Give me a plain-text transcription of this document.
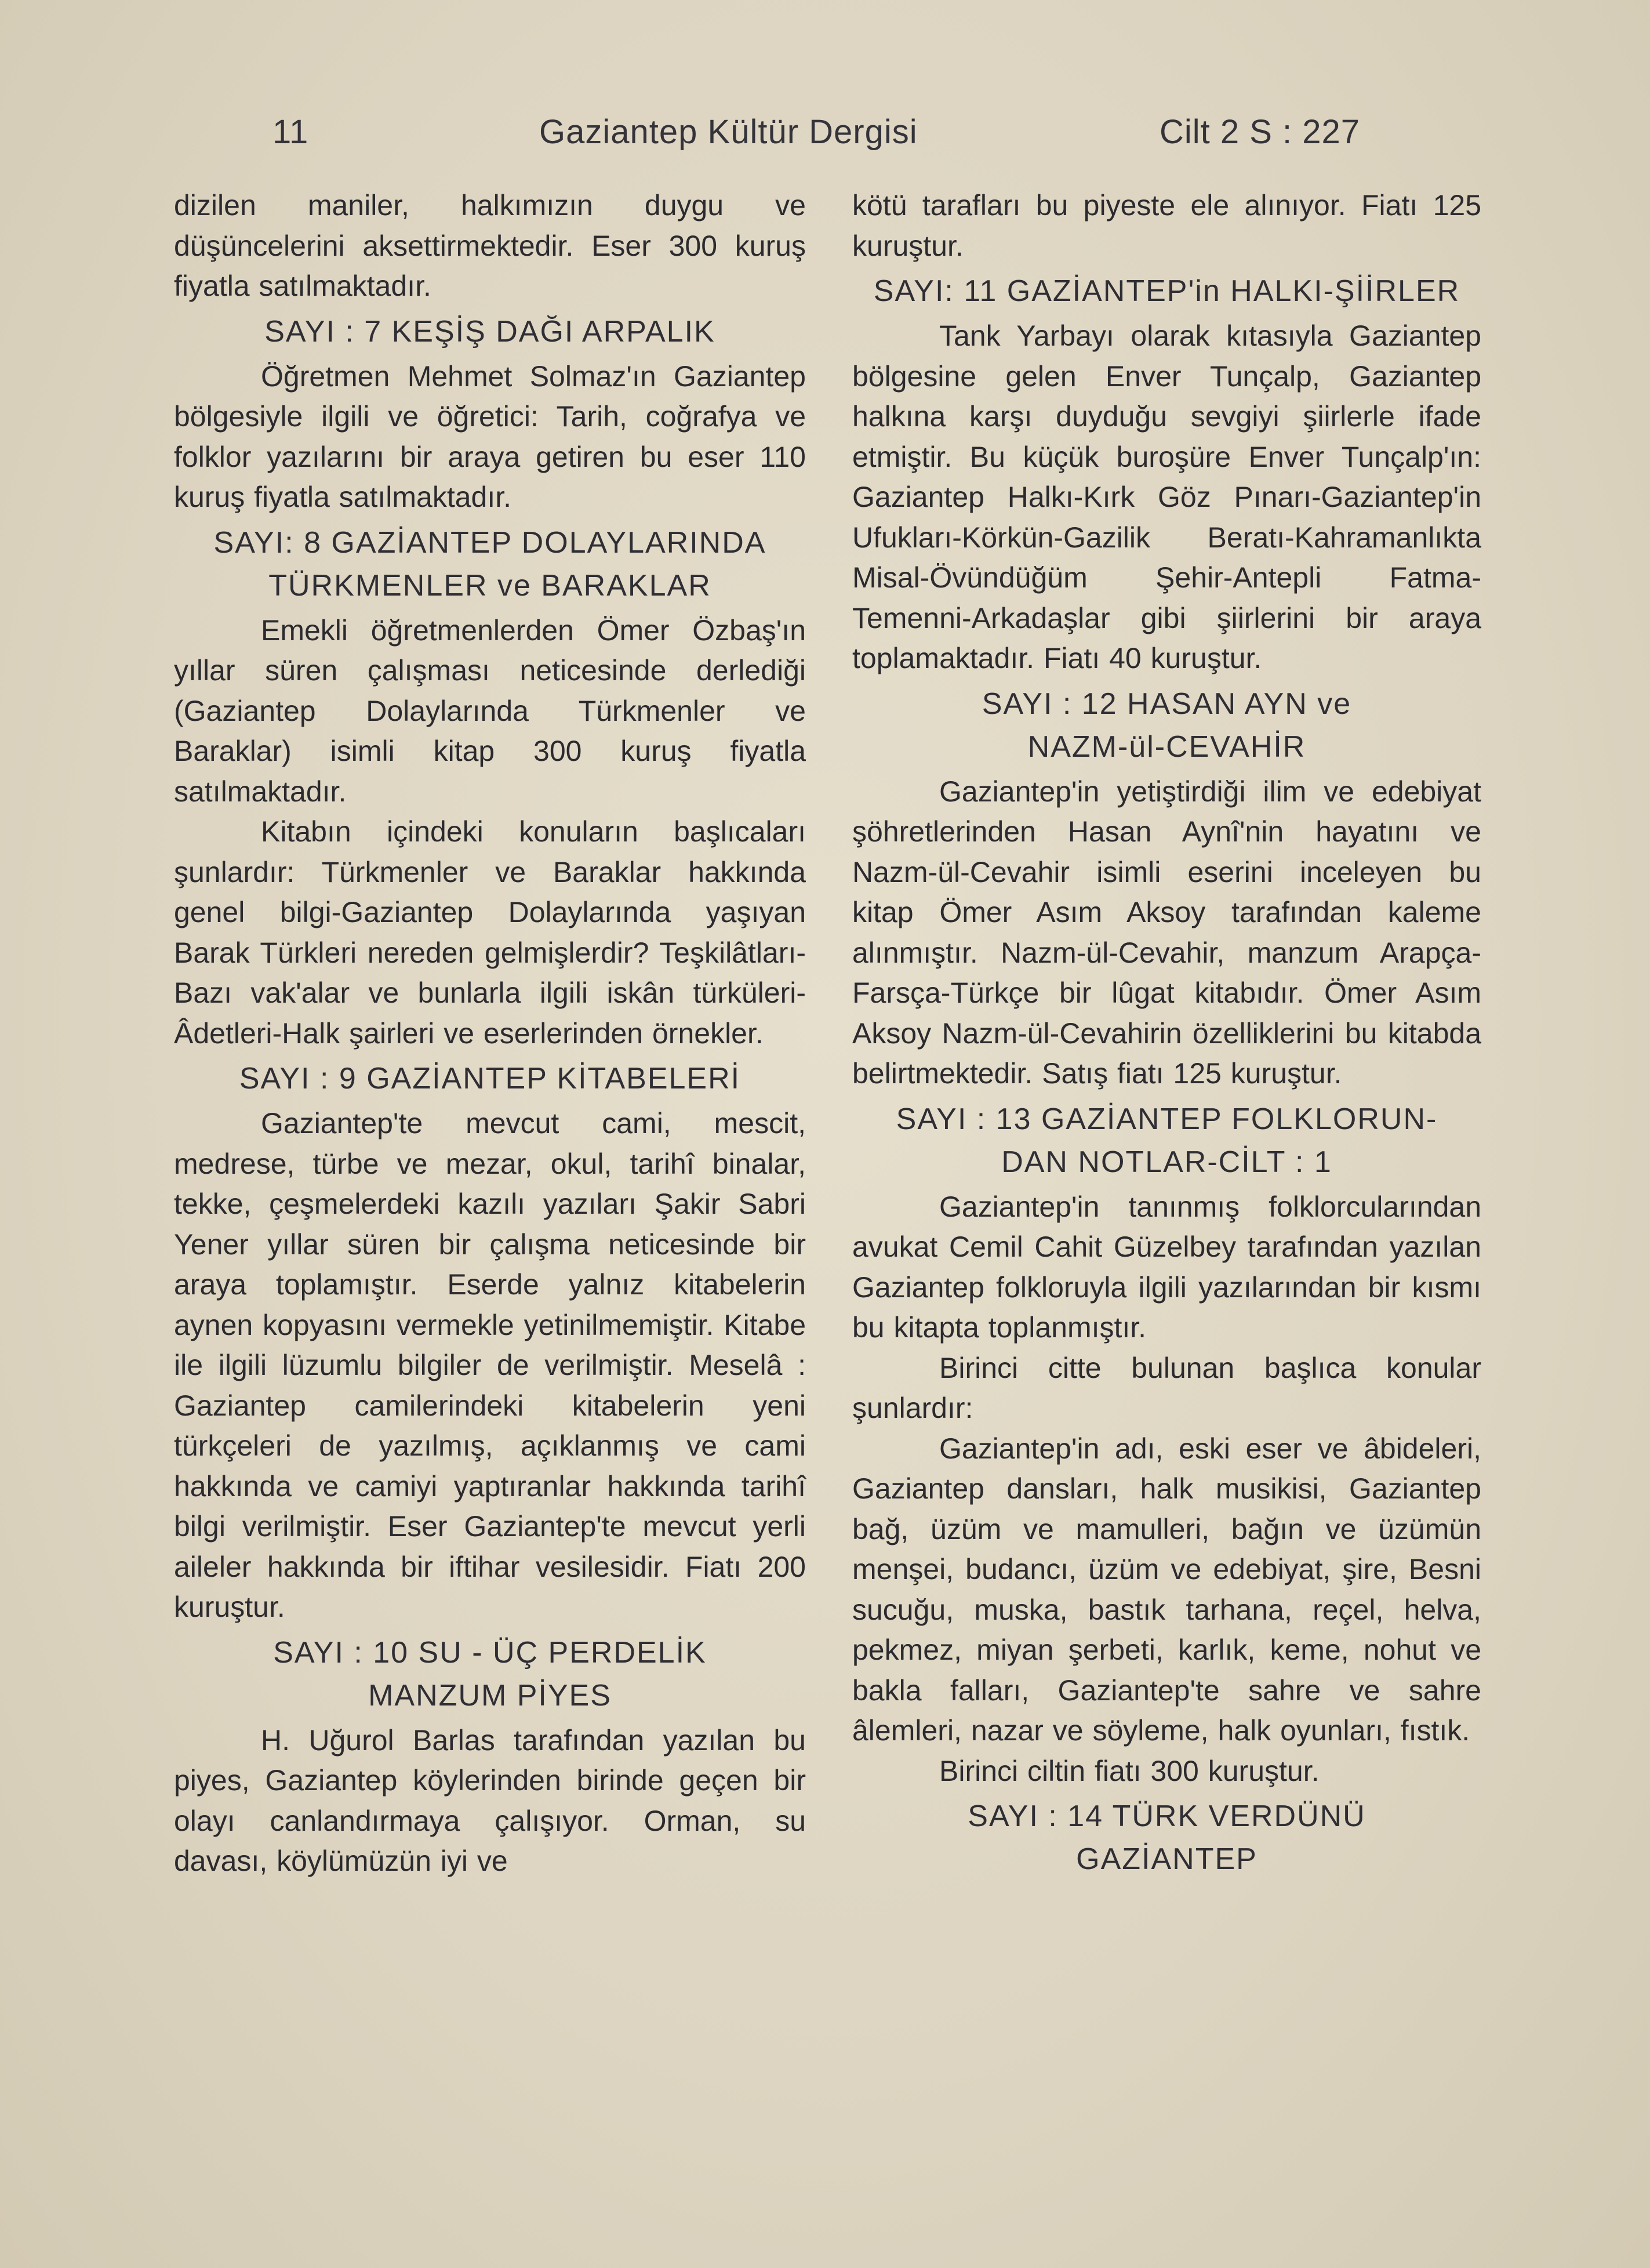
11	Gaziantep Kültür Dergisi	Cilt 2 S : 227

dizilen maniler, halkımızın duygu ve düşüncelerini aksettirmektedir. Eser 300 kuruş fiyatla satılmaktadır.

SAYI : 7 KEŞİŞ DAĞI ARPALIK

Öğretmen Mehmet Solmaz'ın Gaziantep bölgesiyle ilgili ve öğretici: Tarih, coğrafya ve folklor yazılarını bir araya getiren bu eser 110 kuruş fiyatla satılmaktadır.

SAYI: 8 GAZİANTEP DOLAYLARINDA
TÜRKMENLER ve BARAKLAR

Emekli öğretmenlerden Ömer Özbaş'ın yıllar süren çalışması neticesinde derlediği (Gaziantep Dolaylarında Türkmenler ve Baraklar) isimli kitap 300 kuruş fiyatla satılmaktadır.

Kitabın içindeki konuların başlıcaları şunlardır: Türkmenler ve Baraklar hakkında genel bilgi-Gaziantep Dolaylarında yaşıyan Barak Türkleri nereden gelmişlerdir? Teşkilâtları-Bazı vak'alar ve bunlarla ilgili iskân türküleri-Âdetleri-Halk şairleri ve eserlerinden örnekler.

SAYI : 9 GAZİANTEP KİTABELERİ

Gaziantep'te mevcut cami, mescit, medrese, türbe ve mezar, okul, tarihî binalar, tekke, çeşmelerdeki kazılı yazıları Şakir Sabri Yener yıllar süren bir çalışma neticesinde bir araya toplamıştır. Eserde yalnız kitabelerin aynen kopyasını vermekle yetinilmemiştir. Kitabe ile ilgili lüzumlu bilgiler de verilmiştir. Meselâ : Gaziantep camilerindeki kitabelerin yeni türkçeleri de yazılmış, açıklanmış ve cami hakkında ve camiyi yaptıranlar hakkında tarihî bilgi verilmiştir. Eser Gaziantep'te mevcut yerli aileler hakkında bir iftihar vesilesidir. Fiatı 200 kuruştur.

SAYI : 10 SU - ÜÇ PERDELİK
MANZUM PİYES

H. Uğurol Barlas tarafından yazılan bu piyes, Gaziantep köylerinden birinde geçen bir olayı canlandırmaya çalışıyor. Orman, su davası, köylümüzün iyi ve

kötü tarafları bu piyeste ele alınıyor. Fiatı 125 kuruştur.

SAYI: 11 GAZİANTEP'in HALKI-ŞİİRLER

Tank Yarbayı olarak kıtasıyla Gaziantep bölgesine gelen Enver Tunçalp, Gaziantep halkına karşı duyduğu sevgiyi şiirlerle ifade etmiştir. Bu küçük buroşüre Enver Tunçalp'ın: Gaziantep Halkı-Kırk Göz Pınarı-Gaziantep'in Ufukları-Körkün-Gazilik Beratı-Kahramanlıkta Misal-Övündüğüm Şehir-Antepli Fatma-Temenni-Arkadaşlar gibi şiirlerini bir araya toplamaktadır. Fiatı 40 kuruştur.

SAYI : 12 HASAN AYN ve
NAZM-ül-CEVAHİR

Gaziantep'in yetiştirdiği ilim ve edebiyat şöhretlerinden Hasan Aynî'nin hayatını ve Nazm-ül-Cevahir isimli eserini inceleyen bu kitap Ömer Asım Aksoy tarafından kaleme alınmıştır. Nazm-ül-Cevahir, manzum Arapça-Farsça-Türkçe bir lûgat kitabıdır. Ömer Asım Aksoy Nazm-ül-Cevahirin özelliklerini bu kitabda belirtmektedir. Satış fiatı 125 kuruştur.

SAYI : 13 GAZİANTEP FOLKLORUN-
DAN NOTLAR-CİLT : 1

Gaziantep'in tanınmış folklorcularından avukat Cemil Cahit Güzelbey tarafından yazılan Gaziantep folkloruyla ilgili yazılarından bir kısmı bu kitapta toplanmıştır.

Birinci citte bulunan başlıca konular şunlardır:

Gaziantep'in adı, eski eser ve âbideleri, Gaziantep dansları, halk musikisi, Gaziantep bağ, üzüm ve mamulleri, bağın ve üzümün menşei, budancı, üzüm ve edebiyat, şire, Besni sucuğu, muska, bastık tarhana, reçel, helva, pekmez, miyan şerbeti, karlık, keme, nohut ve bakla falları, Gaziantep'te sahre ve sahre âlemleri, nazar ve söyleme, halk oyunları, fıstık.

Birinci ciltin fiatı 300 kuruştur.

SAYI : 14 TÜRK VERDÜNÜ
GAZİANTEP
